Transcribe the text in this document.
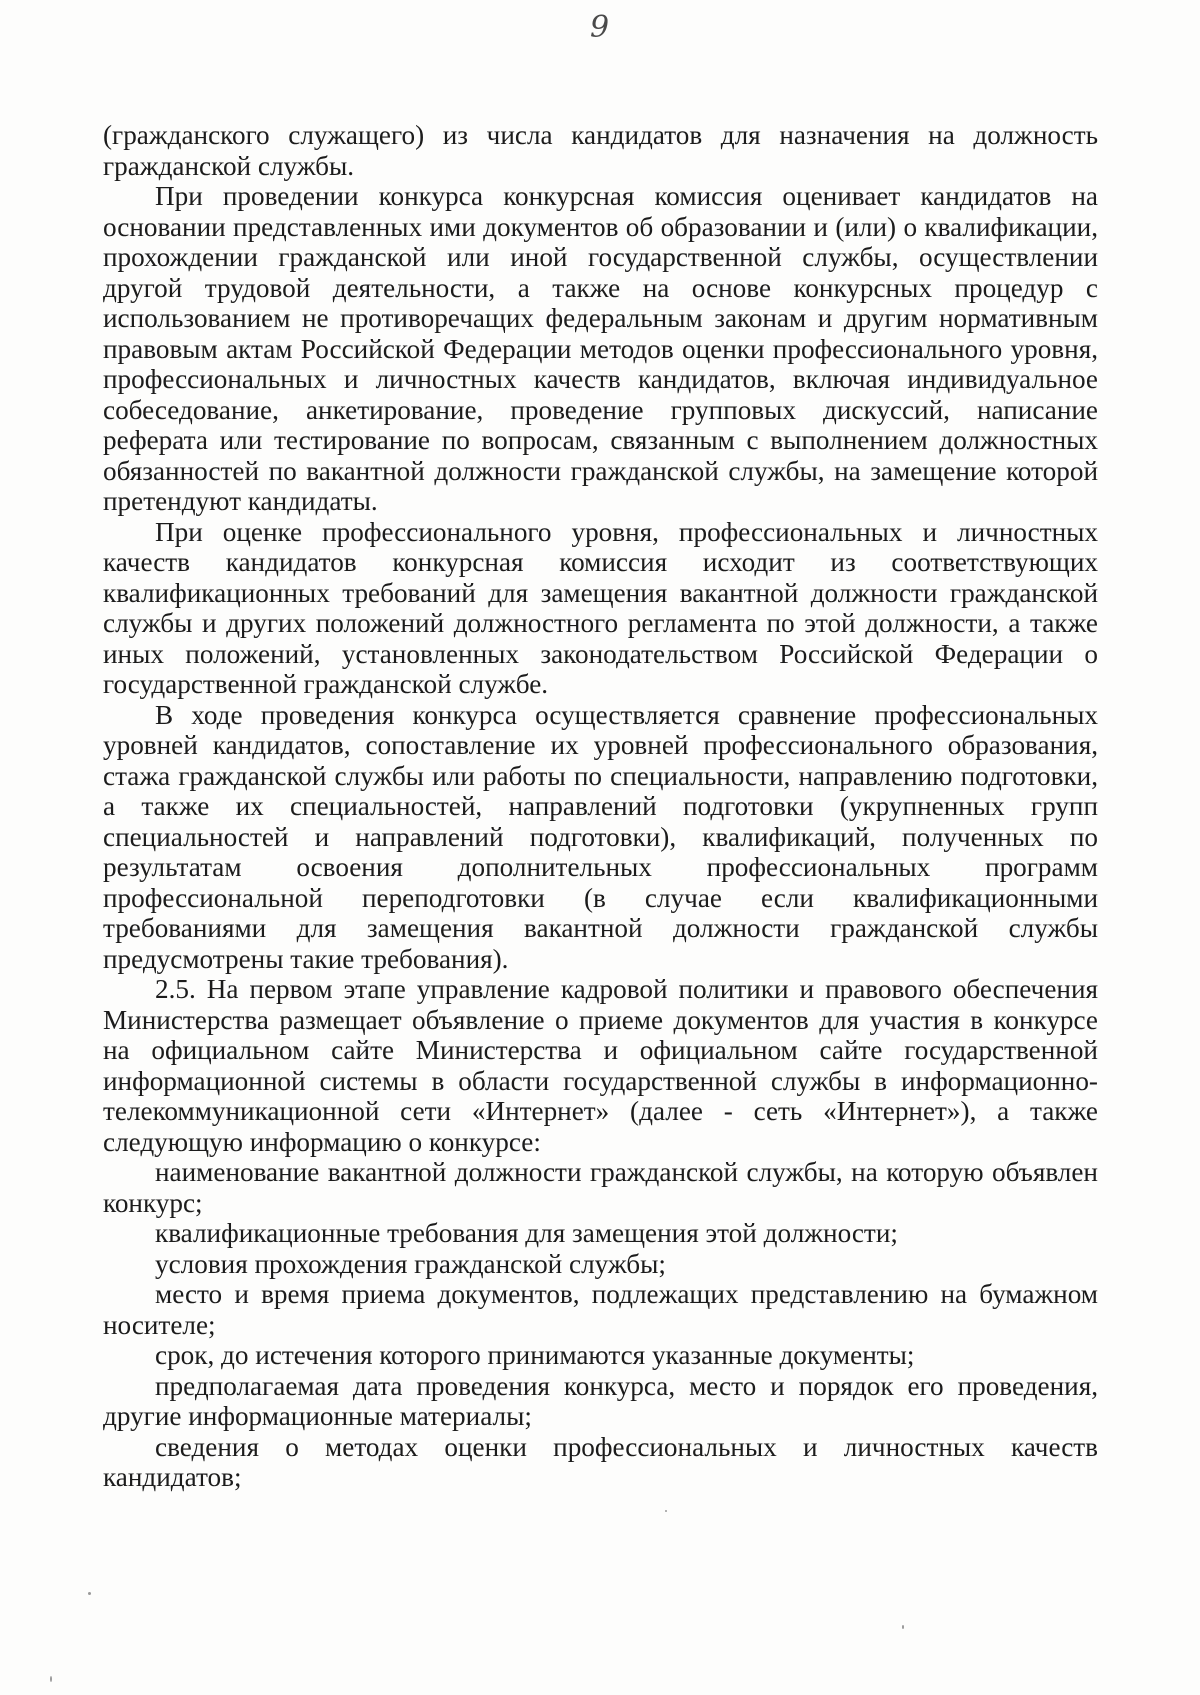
9

(гражданского служащего) из числа кандидатов для назначения на должность гражданской службы.

При проведении конкурса конкурсная комиссия оценивает кандидатов на основании представленных ими документов об образовании и (или) о квалификации, прохождении гражданской или иной государственной службы, осуществлении другой трудовой деятельности, а также на основе конкурсных процедур с использованием не противоречащих федеральным законам и другим нормативным правовым актам Российской Федерации методов оценки профессионального уровня, профессиональных и личностных качеств кандидатов, включая индивидуальное собеседование, анкетирование, проведение групповых дискуссий, написание реферата или тестирование по вопросам, связанным с выполнением должностных обязанностей по вакантной должности гражданской службы, на замещение которой претендуют кандидаты.

При оценке профессионального уровня, профессиональных и личностных качеств кандидатов конкурсная комиссия исходит из соответствующих квалификационных требований для замещения вакантной должности гражданской службы и других положений должностного регламента по этой должности, а также иных положений, установленных законодательством Российской Федерации о государственной гражданской службе.

В ходе проведения конкурса осуществляется сравнение профессиональных уровней кандидатов, сопоставление их уровней профессионального образования, стажа гражданской службы или работы по специальности, направлению подготовки, а также их специальностей, направлений подготовки (укрупненных групп специальностей и направлений подготовки), квалификаций, полученных по результатам освоения дополнительных профессиональных программ профессиональной переподготовки (в случае если квалификационными требованиями для замещения вакантной должности гражданской службы предусмотрены такие требования).

2.5. На первом этапе управление кадровой политики и правового обеспечения Министерства размещает объявление о приеме документов для участия в конкурсе на официальном сайте Министерства и официальном сайте государственной информационной системы в области государственной службы в информационно-телекоммуникационной сети «Интернет» (далее - сеть «Интернет»), а также следующую информацию о конкурсе:

наименование вакантной должности гражданской службы, на которую объявлен конкурс;

квалификационные требования для замещения этой должности;

условия прохождения гражданской службы;

место и время приема документов, подлежащих представлению на бумажном носителе;

срок, до истечения которого принимаются указанные документы;

предполагаемая дата проведения конкурса, место и порядок его проведения, другие информационные материалы;

сведения о методах оценки профессиональных и личностных качеств кандидатов;
